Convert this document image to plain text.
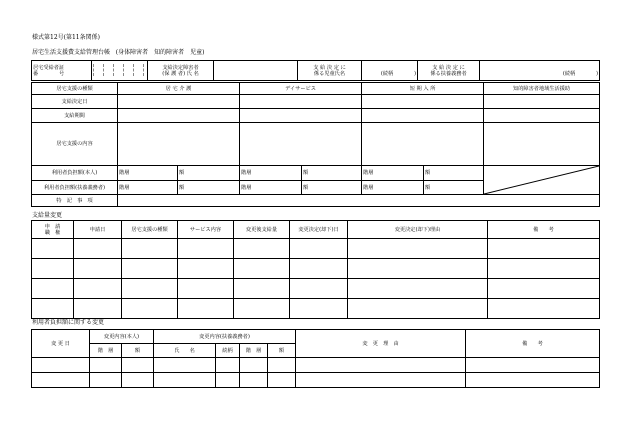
様式第12号(第11条関係)
居宅生活支援費支給管理台帳 (身体障害者　知的障害者　児童)
居宅受給者証
番　　　　号

支給決定障害者
(保 護 者) 氏 名

支 給 決 定 に
係る児童氏名	(続柄　　　　)	
支 給 決 定 に
係る扶養義務者	(続柄　　　　)
居宅支援の種類	居 宅 介 護		デイサービス		短 期 入 所		知的障害者地域生活援助
支給決定日							
支給期間							
居宅支援の内容							
利用者負担額(本人)	階層	額	階層	額	階層	額	

利用者負担額(扶養義務者)	階層	額	階層	額	階層	額	
特　記　事　項							
支給量変更
申　請
職　権	申請日	居宅支援の種類	サービス内容	変更後支給量	変更決定(却下)日	変更決定(却下)理由	備　　考

利用者負担額に関する変更
変 更 日	変更内容(本人)		変更内容(扶養義務者)				変　更　理　由	備　　考
	階　層	額	氏　　名	続柄	階　層	額		
